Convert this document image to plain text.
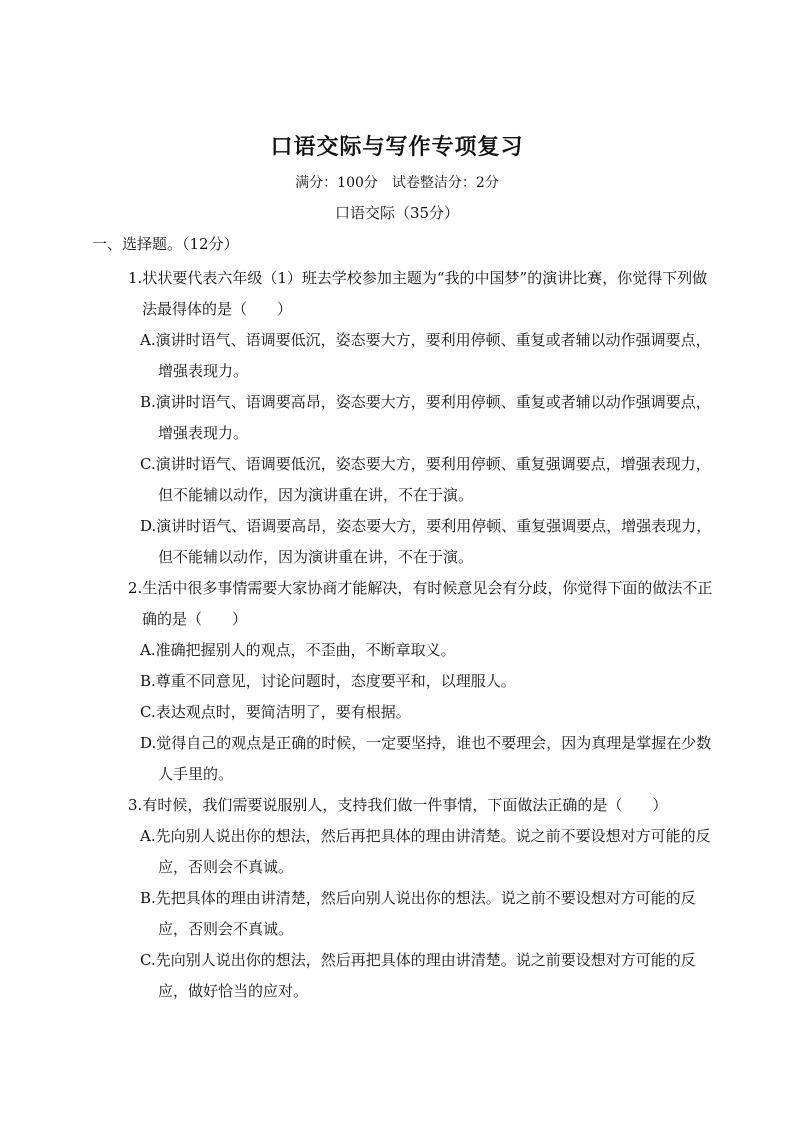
口语交际与写作专项复习

满分：100分 试卷整洁分：2分

口语交际（35分）

一、选择题。（12分）

1.状状要代表六年级（1）班去学校参加主题为“我的中国梦”的演讲比赛，你觉得下列做法最得体的是（　　）

A.演讲时语气、语调要低沉，姿态要大方，要利用停顿、重复或者辅以动作强调要点，增强表现力。

B.演讲时语气、语调要高昂，姿态要大方，要利用停顿、重复或者辅以动作强调要点，增强表现力。

C.演讲时语气、语调要低沉，姿态要大方，要利用停顿、重复强调要点，增强表现力，但不能辅以动作，因为演讲重在讲，不在于演。

D.演讲时语气、语调要高昂，姿态要大方，要利用停顿、重复强调要点，增强表现力，但不能辅以动作，因为演讲重在讲，不在于演。

2.生活中很多事情需要大家协商才能解决，有时候意见会有分歧，你觉得下面的做法不正确的是（　　）

A.准确把握别人的观点，不歪曲，不断章取义。

B.尊重不同意见，讨论问题时，态度要平和，以理服人。

C.表达观点时，要简洁明了，要有根据。

D.觉得自己的观点是正确的时候，一定要坚持，谁也不要理会，因为真理是掌握在少数人手里的。

3.有时候，我们需要说服别人，支持我们做一件事情，下面做法正确的是（　　）

A.先向别人说出你的想法，然后再把具体的理由讲清楚。说之前不要设想对方可能的反应，否则会不真诚。

B.先把具体的理由讲清楚，然后向别人说出你的想法。说之前不要设想对方可能的反应，否则会不真诚。

C.先向别人说出你的想法，然后再把具体的理由讲清楚。说之前要设想对方可能的反应，做好恰当的应对。
